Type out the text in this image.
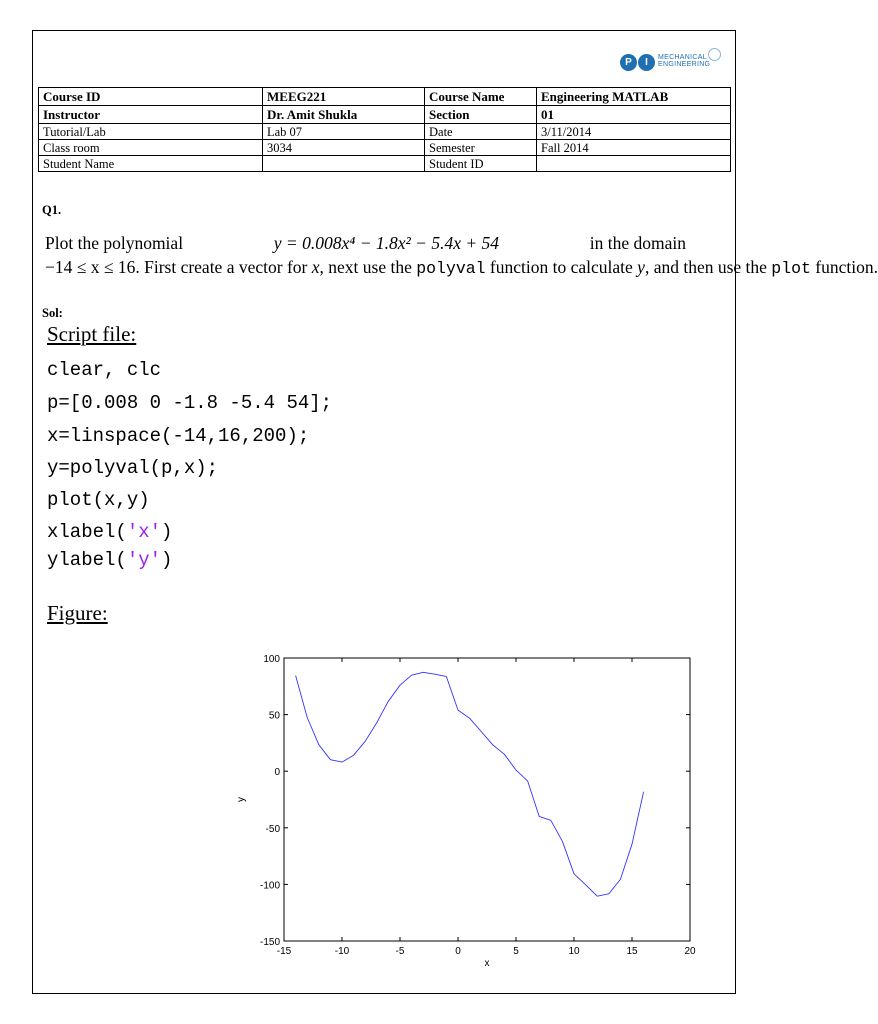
P	I	MECHANICAL
ENGINEERING
Course ID	MEEG221	Course Name	Engineering MATLAB
Instructor	Dr. Amit Shukla	Section	01
Tutorial/Lab	Lab 07	Date	3/11/2014
Class room	3034	Semester	Fall 2014
Student Name		Student ID	
Q1.
Plot the polynomial	y = 0.008x⁴ − 1.8x² − 5.4x + 54	in the domain
−14 ≤ x ≤ 16. First create a vector for x, next use the polyval function to calculate y, and then use the plot function.
Sol:
Script file:
clear, clc
p=[0.008 0 -1.8 -5.4 54];
x=linspace(-14,16,200);
y=polyval(p,x);
plot(x,y)
xlabel('x')
ylabel('y')
Figure:
-15	-10	-5	0	5	10	15	20
-150
-100
-50
0
50
100
x
y
